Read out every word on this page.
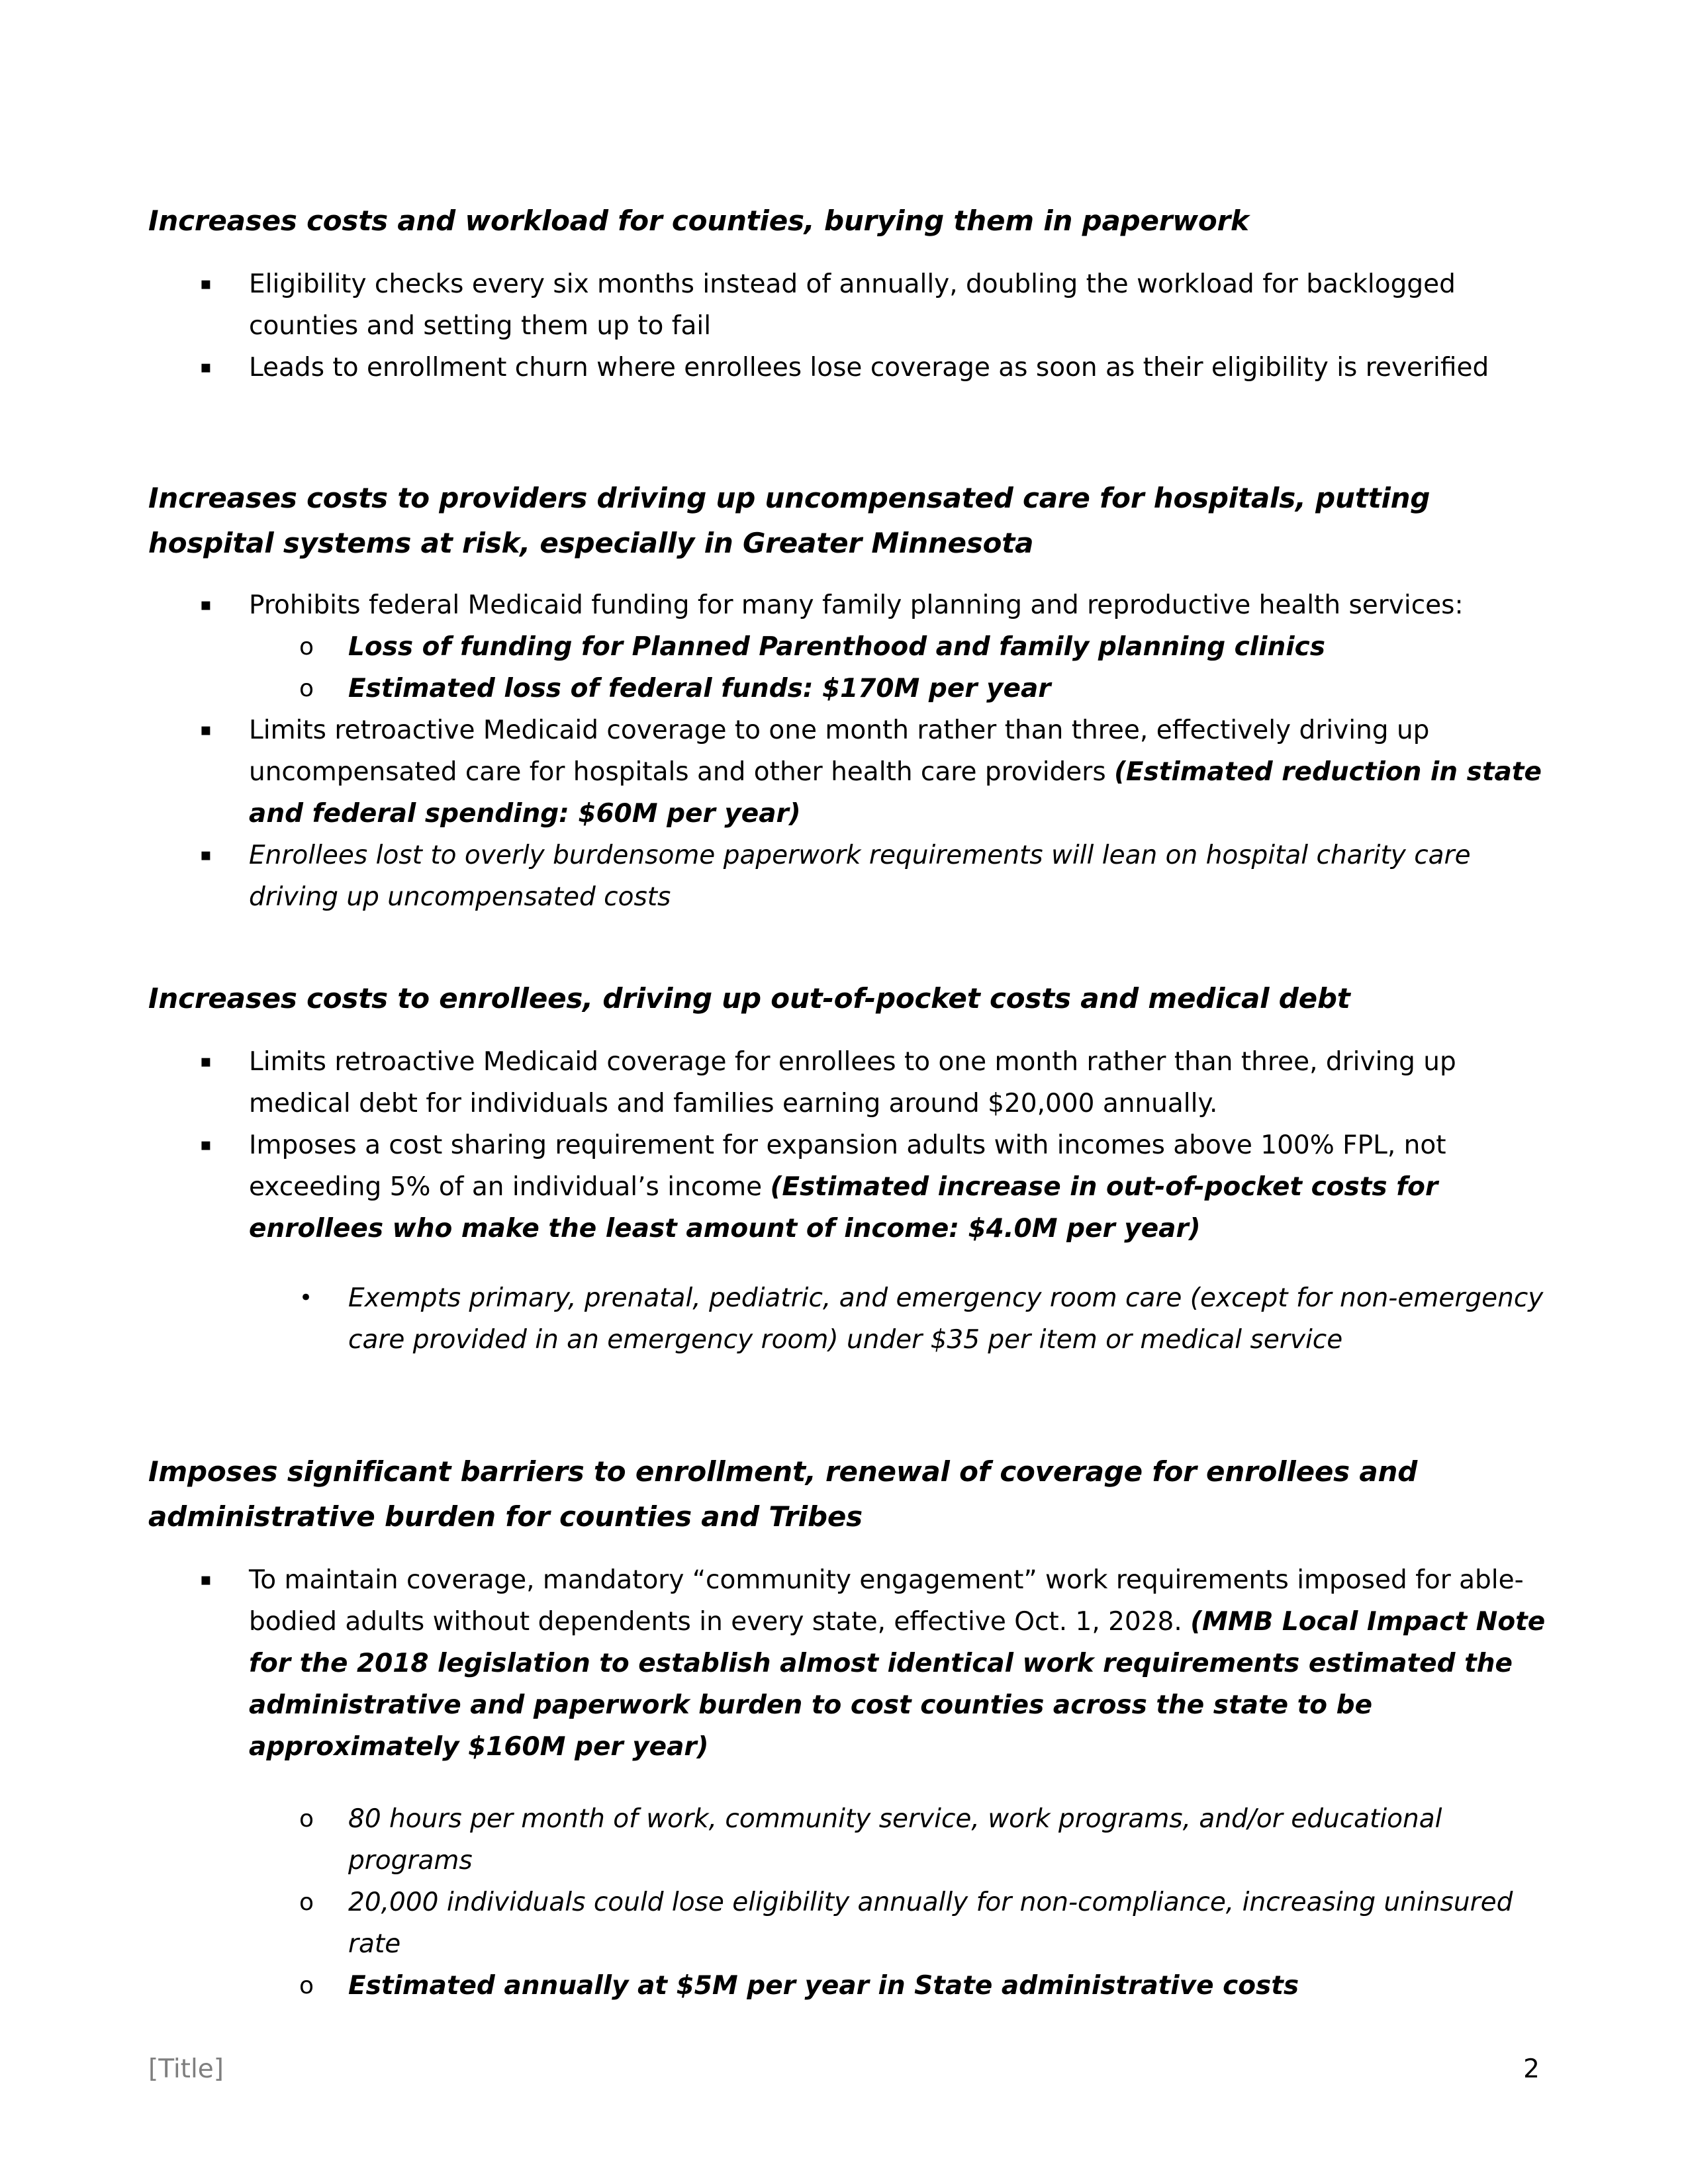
Increases costs and workload for counties, burying them in paperwork
▪ Eligibility checks every six months instead of annually, doubling the workload for backlogged counties and setting them up to fail
▪ Leads to enrollment churn where enrollees lose coverage as soon as their eligibility is reverified
Increases costs to providers driving up uncompensated care for hospitals, putting hospital systems at risk, especially in Greater Minnesota
▪ Prohibits federal Medicaid funding for many family planning and reproductive health services:
o Loss of funding for Planned Parenthood and family planning clinics
o Estimated loss of federal funds: $170M per year
▪ Limits retroactive Medicaid coverage to one month rather than three, effectively driving up uncompensated care for hospitals and other health care providers (Estimated reduction in state and federal spending: $60M per year)
▪ Enrollees lost to overly burdensome paperwork requirements will lean on hospital charity care driving up uncompensated costs
Increases costs to enrollees, driving up out-of-pocket costs and medical debt
▪ Limits retroactive Medicaid coverage for enrollees to one month rather than three, driving up medical debt for individuals and families earning around $20,000 annually.
▪ Imposes a cost sharing requirement for expansion adults with incomes above 100% FPL, not exceeding 5% of an individual’s income (Estimated increase in out-of-pocket costs for enrollees who make the least amount of income: $4.0M per year)
• Exempts primary, prenatal, pediatric, and emergency room care (except for non-emergency care provided in an emergency room) under $35 per item or medical service
Imposes significant barriers to enrollment, renewal of coverage for enrollees and administrative burden for counties and Tribes
▪ To maintain coverage, mandatory “community engagement” work requirements imposed for able-bodied adults without dependents in every state, effective Oct. 1, 2028. (MMB Local Impact Note for the 2018 legislation to establish almost identical work requirements estimated the administrative and paperwork burden to cost counties across the state to be approximately $160M per year)
o 80 hours per month of work, community service, work programs, and/or educational programs
o 20,000 individuals could lose eligibility annually for non-compliance, increasing uninsured rate
o Estimated annually at $5M per year in State administrative costs
[Title]	2
